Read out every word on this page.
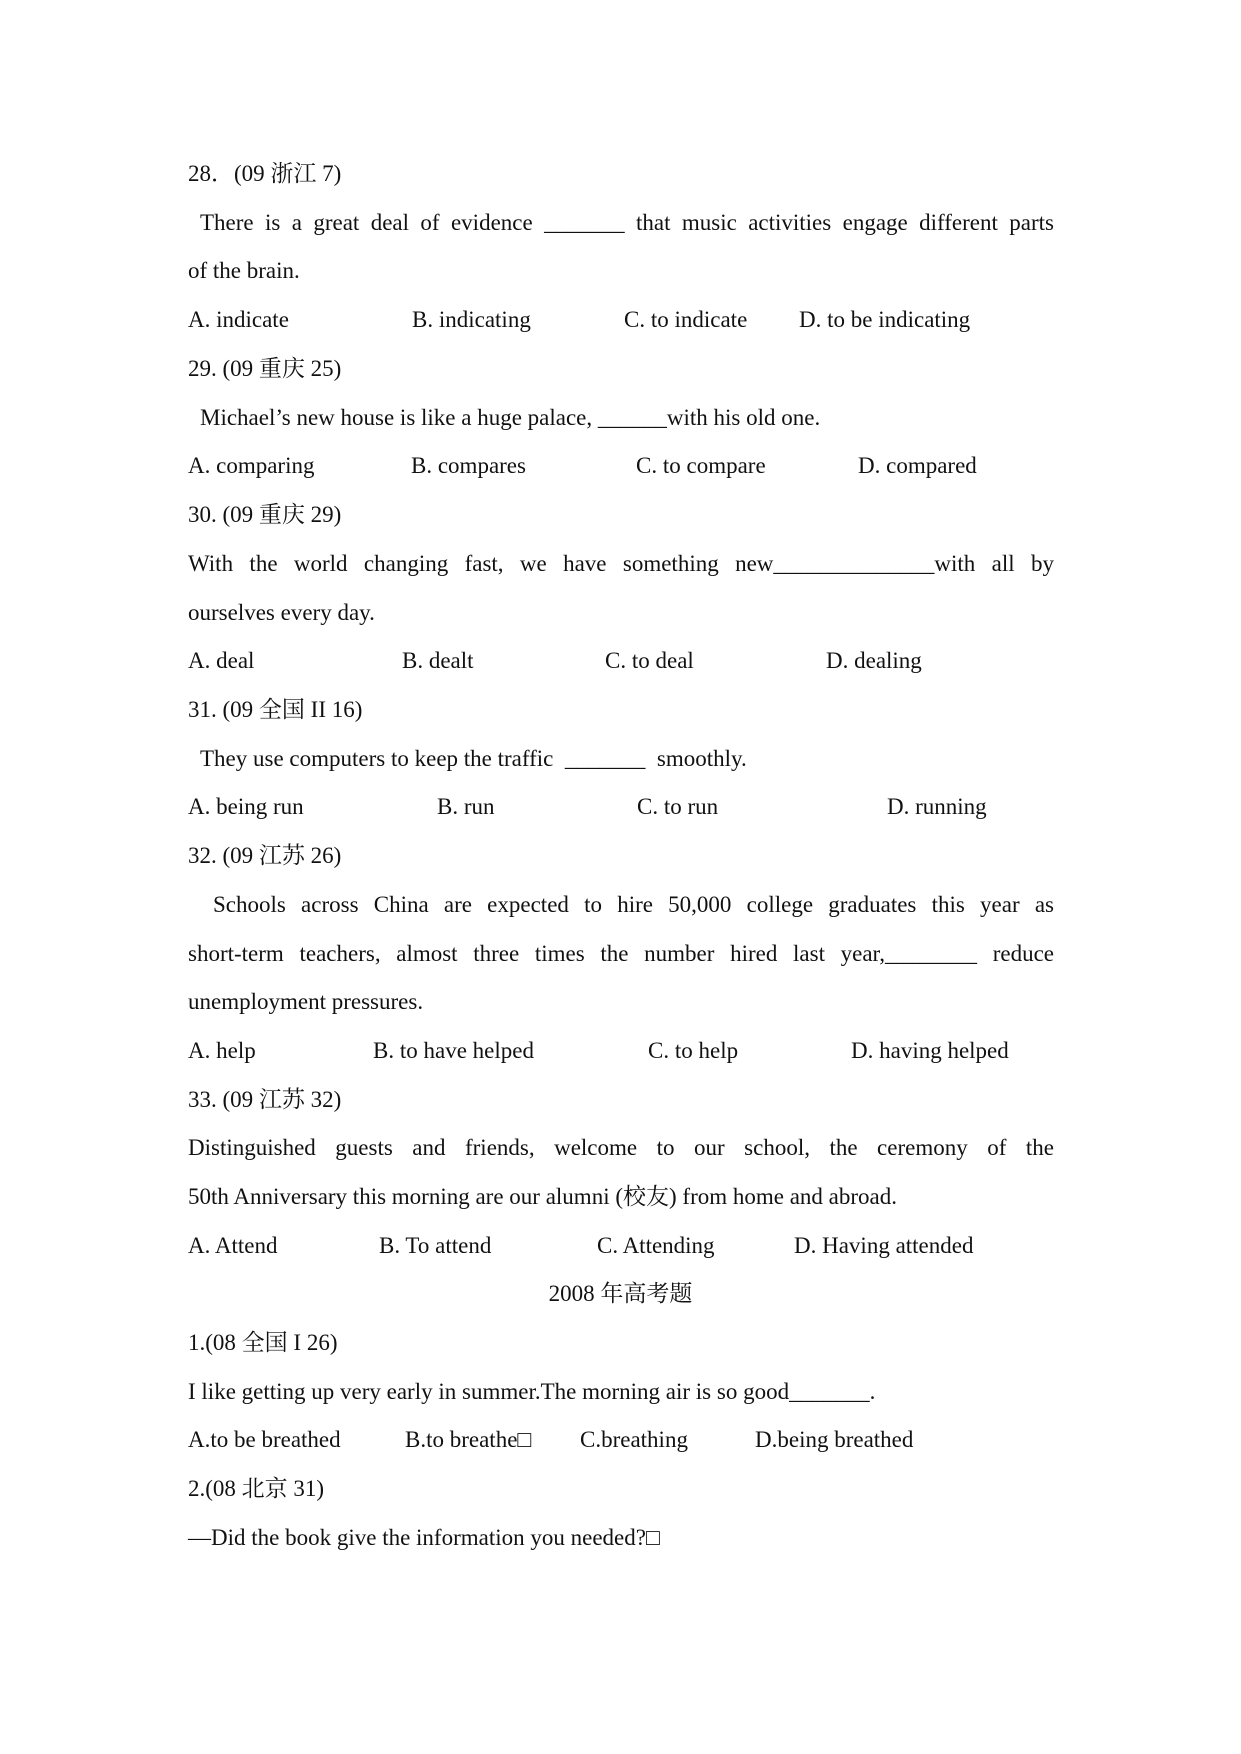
28．(09 浙江 7)
There is a great deal of evidence _______ that music activities engage different parts
of the brain.
A. indicate	B. indicating	C. to indicate D. to be indicating
29. (09 重庆 25)
Michael’s new house is like a huge palace, ______with his old one.
A. comparing	B. compares	C. to compare	D. compared
30. (09 重庆 29)
With the world changing fast, we have something new______________with all by
ourselves every day.
A. deal	B. dealt	C. to deal	D. dealing
31. (09 全国 II 16)
They use computers to keep the traffic  _______  smoothly.
A. being run	B. run	C. to run	D. running
32. (09 江苏 26)
Schools across China are expected to hire 50,000 college graduates this year as
short-term teachers, almost three times the number hired last year,________ reduce
unemployment pressures.
A. help	B. to have helped	C. to help	D. having helped
33. (09 江苏 32)
Distinguished guests and friends, welcome to our school, the ceremony of the
50th Anniversary this morning are our alumni (校友) from home and abroad.
A. Attend	B. To attend	C. Attending	D. Having attended
2008 年高考题
1.(08 全国 I 26)
I like getting up very early in summer.The morning air is so good_______.
A.to be breathed	B.to breathe□ C.breathing	D.being breathed
2.(08 北京 31)
—Did the book give the information you needed?□
